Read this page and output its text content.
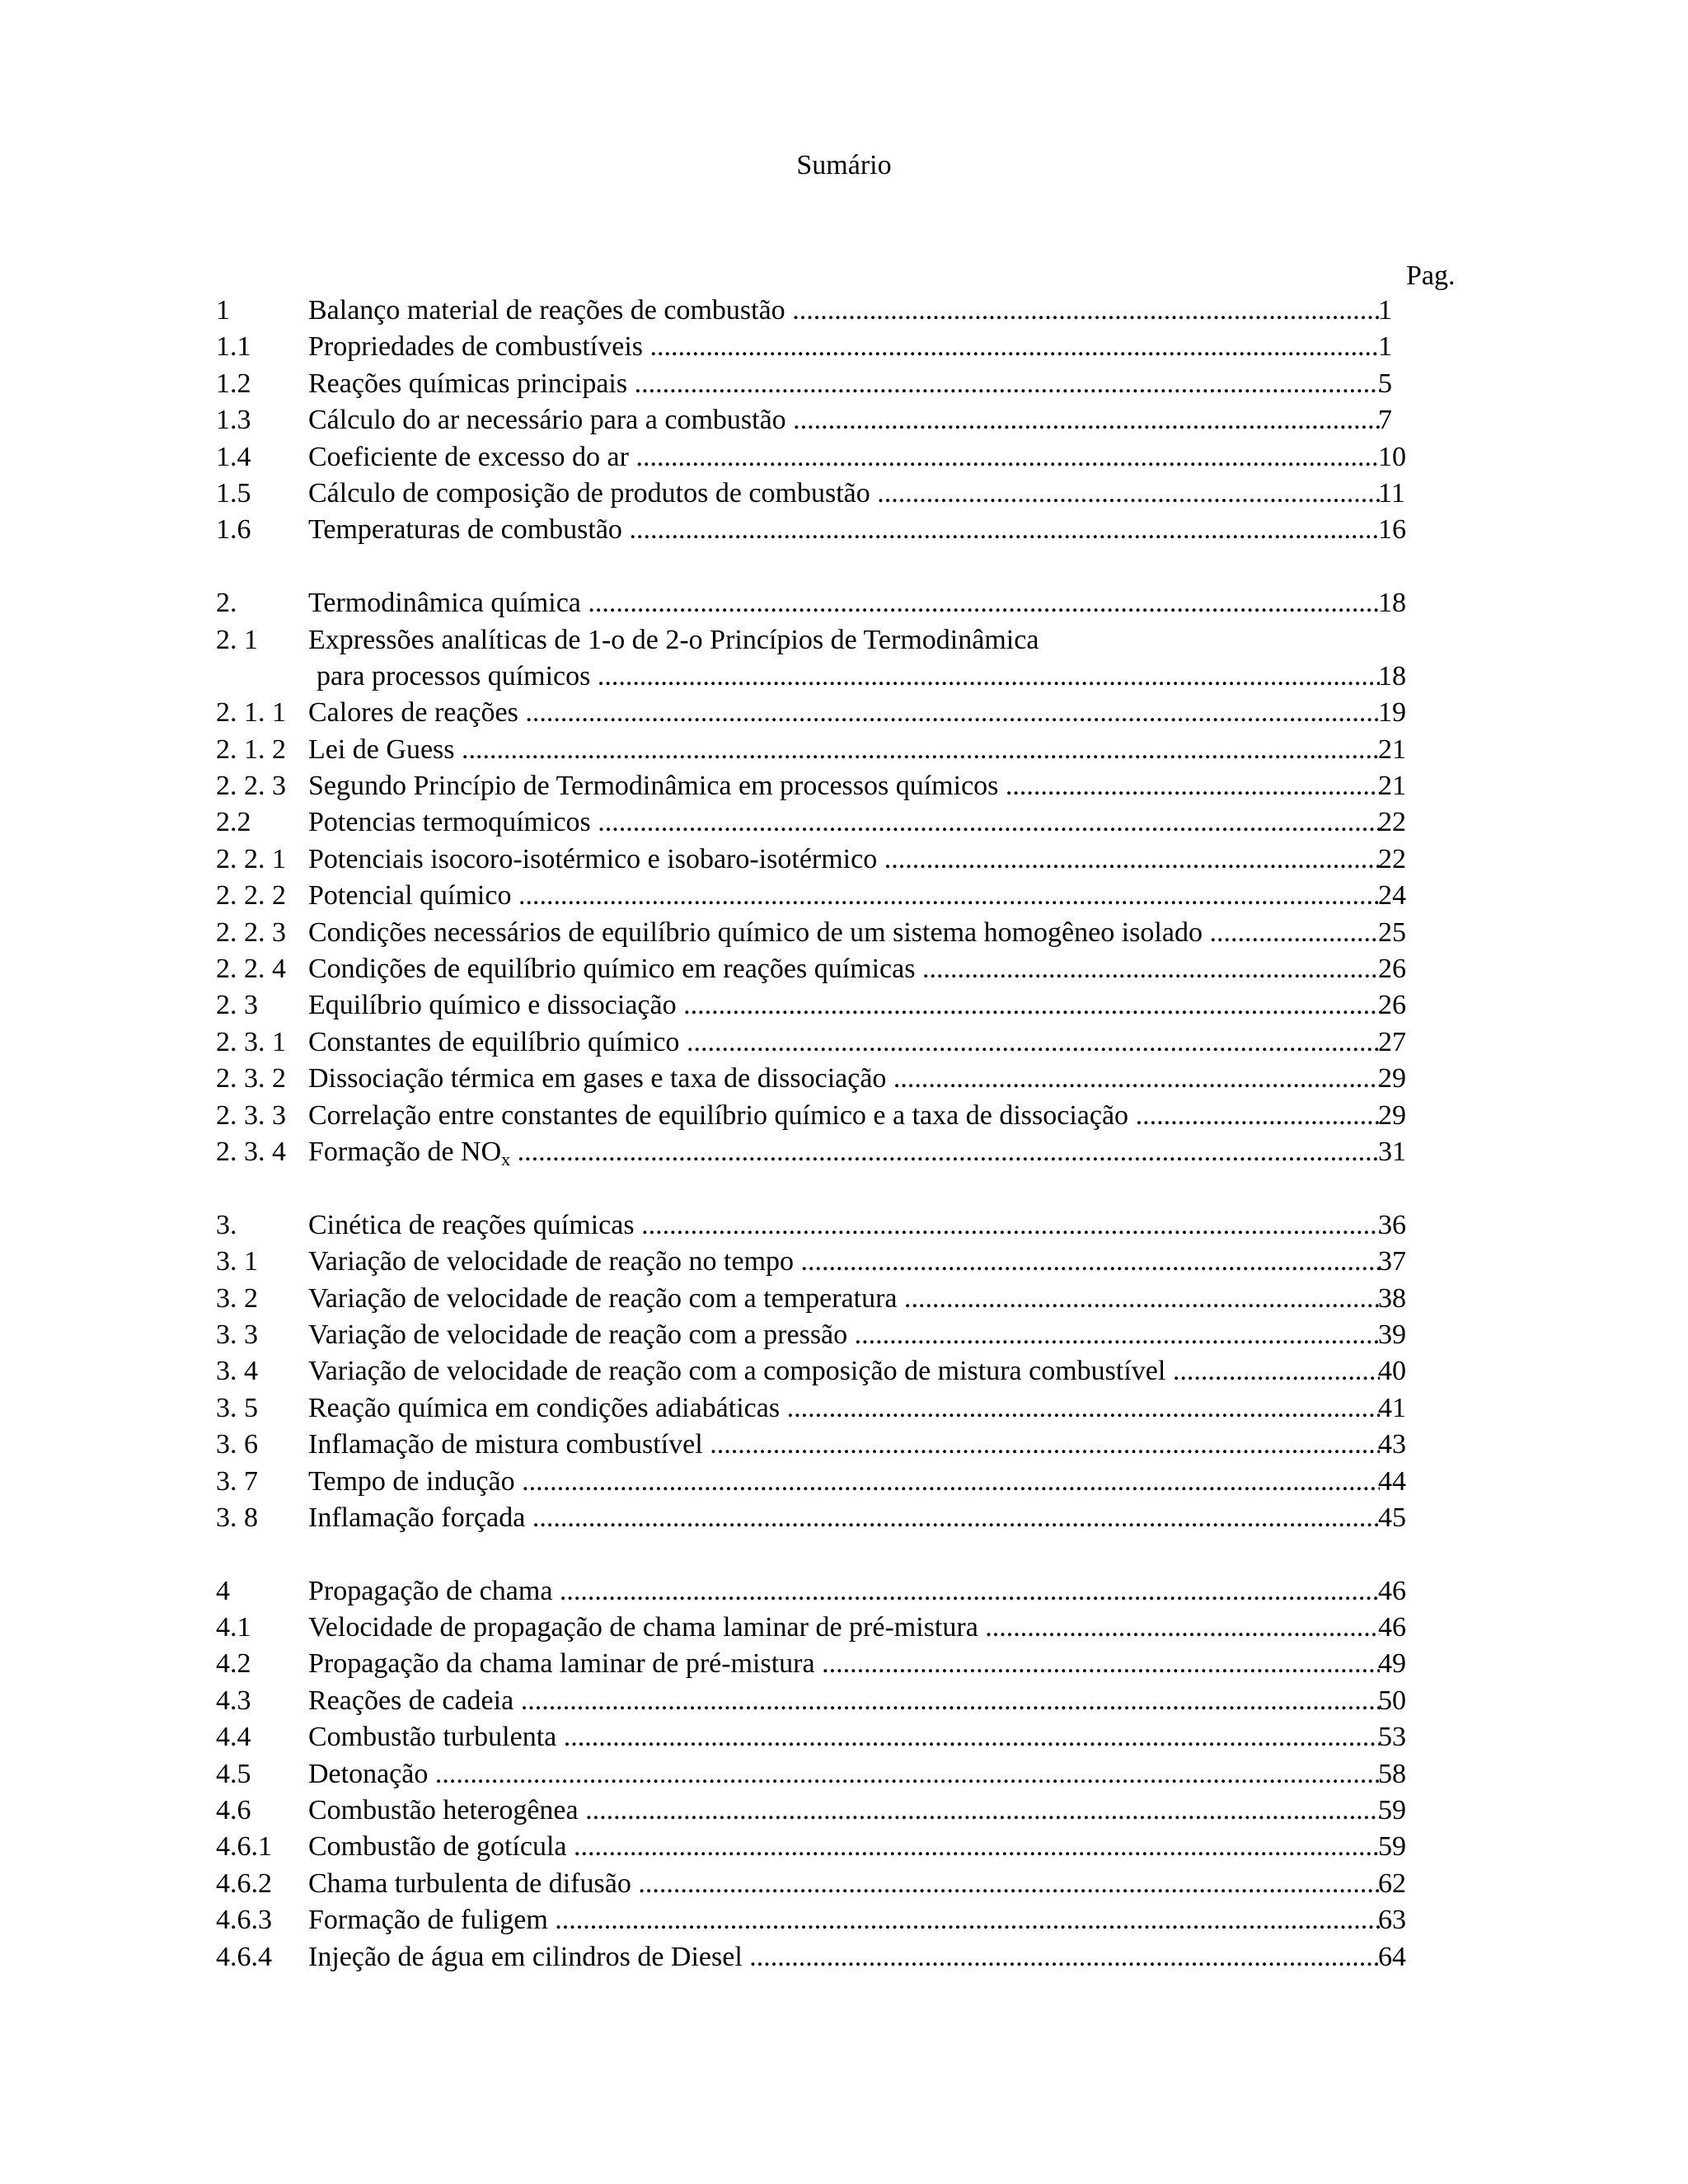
Sumário
Pag.
1	Balanço material de reações de combustão .....	1
1.1 Propriedades de combustíveis .....	1
1.2 Reações químicas principais .....	5
1.3 Cálculo do ar necessário para a combustão .....	7
1.4 Coeficiente de excesso do ar .....	10
1.5 Cálculo de composição de produtos de combustão .....	11
1.6 Temperaturas de combustão .....	16
2.	Termodinâmica química .....	18
2. 1 Expressões analíticas de 1-o de 2-o Princípios de Termodinâmica
para processos químicos .....	18
2. 1. 1 Calores de reações .....	19
2. 1. 2 Lei de Guess .....	21
2. 2. 3 Segundo Princípio de Termodinâmica em processos químicos .....	21
2.2 Potencias termoquímicos .....	22
2. 2. 1 Potenciais isocoro-isotérmico e isobaro-isotérmico .....	22
2. 2. 2 Potencial químico .....	24
2. 2. 3 Condições necessários de equilíbrio químico de um sistema homogêneo isolado .....	25
2. 2. 4 Condições de equilíbrio químico em reações químicas .....	26
2. 3 Equilíbrio químico e dissociação .....	26
2. 3. 1 Constantes de equilíbrio químico .....	27
2. 3. 2 Dissociação térmica em gases e taxa de dissociação .....	29
2. 3. 3 Correlação entre constantes de equilíbrio químico e a taxa de dissociação .....	29
2. 3. 4 Formação de $NO_x$ .....	31
3.	Cinética de reações químicas .....	36
3. 1 Variação de velocidade de reação no tempo .....	37
3. 2 Variação de velocidade de reação com a temperatura .....	38
3. 3 Variação de velocidade de reação com a pressão .....	39
3. 4 Variação de velocidade de reação com a composição de mistura combustível .....	40
3. 5 Reação química em condições adiabáticas .....	41
3. 6 Inflamação de mistura combustível .....	43
3. 7 Tempo de indução .....	44
3. 8 Inflamação forçada .....	45
4	Propagação de chama .....	46
4.1 Velocidade de propagação de chama laminar de pré-mistura .....	46
4.2 Propagação da chama laminar de pré-mistura .....	49
4.3 Reações de cadeia .....	50
4.4 Combustão turbulenta .....	53
4.5 Detonação .....	58
4.6 Combustão heterogênea .....	59
4.6.1 Combustão de gotícula .....	59
4.6.2 Chama turbulenta de difusão .....	62
4.6.3 Formação de fuligem .....	63
4.6.4 Injeção de água em cilindros de Diesel .....	64
